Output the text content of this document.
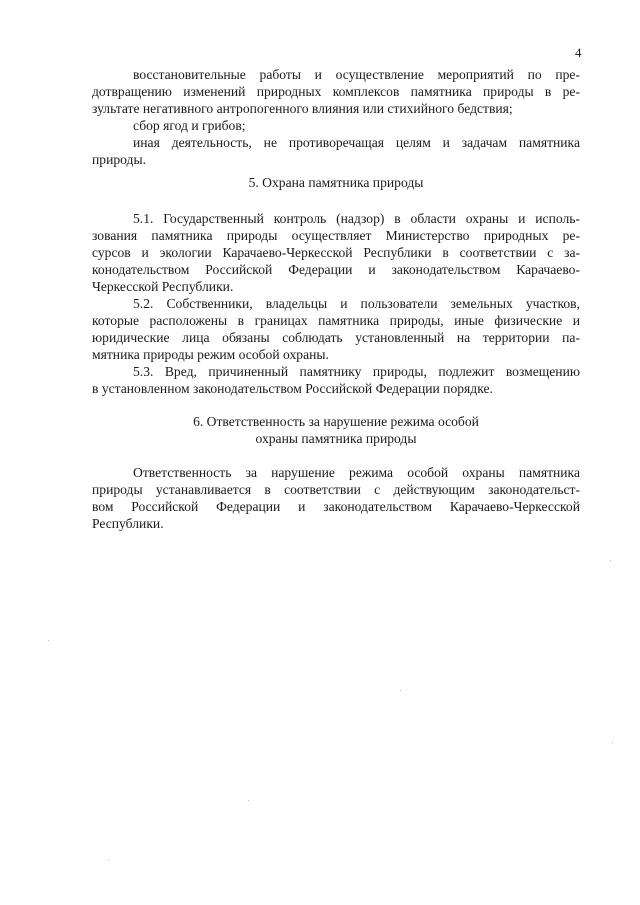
4
восстановительные работы и осуществление мероприятий по пре-
дотвращению изменений природных комплексов памятника природы в ре-
зультате негативного антропогенного влияния или стихийного бедствия;
сбор ягод и грибов;
иная деятельность, не противоречащая целям и задачам памятника
природы.
5. Охрана памятника природы
5.1. Государственный контроль (надзор) в области охраны и исполь-
зования памятника природы осуществляет Министерство природных ре-
сурсов и экологии Карачаево-Черкесской Республики в соответствии с за-
конодательством Российской Федерации и законодательством Карачаево-
Черкесской Республики.
5.2. Собственники, владельцы и пользователи земельных участков,
которые расположены в границах памятника природы, иные физические и
юридические лица обязаны соблюдать установленный на территории па-
мятника природы режим особой охраны.
5.3. Вред, причиненный памятнику природы, подлежит возмещению
в установленном законодательством Российской Федерации порядке.
6. Ответственность за нарушение режима особой
охраны памятника природы
Ответственность за нарушение режима особой охраны памятника
природы устанавливается в соответствии с действующим законодательст-
вом Российской Федерации и законодательством Карачаево-Черкесской
Республики.
